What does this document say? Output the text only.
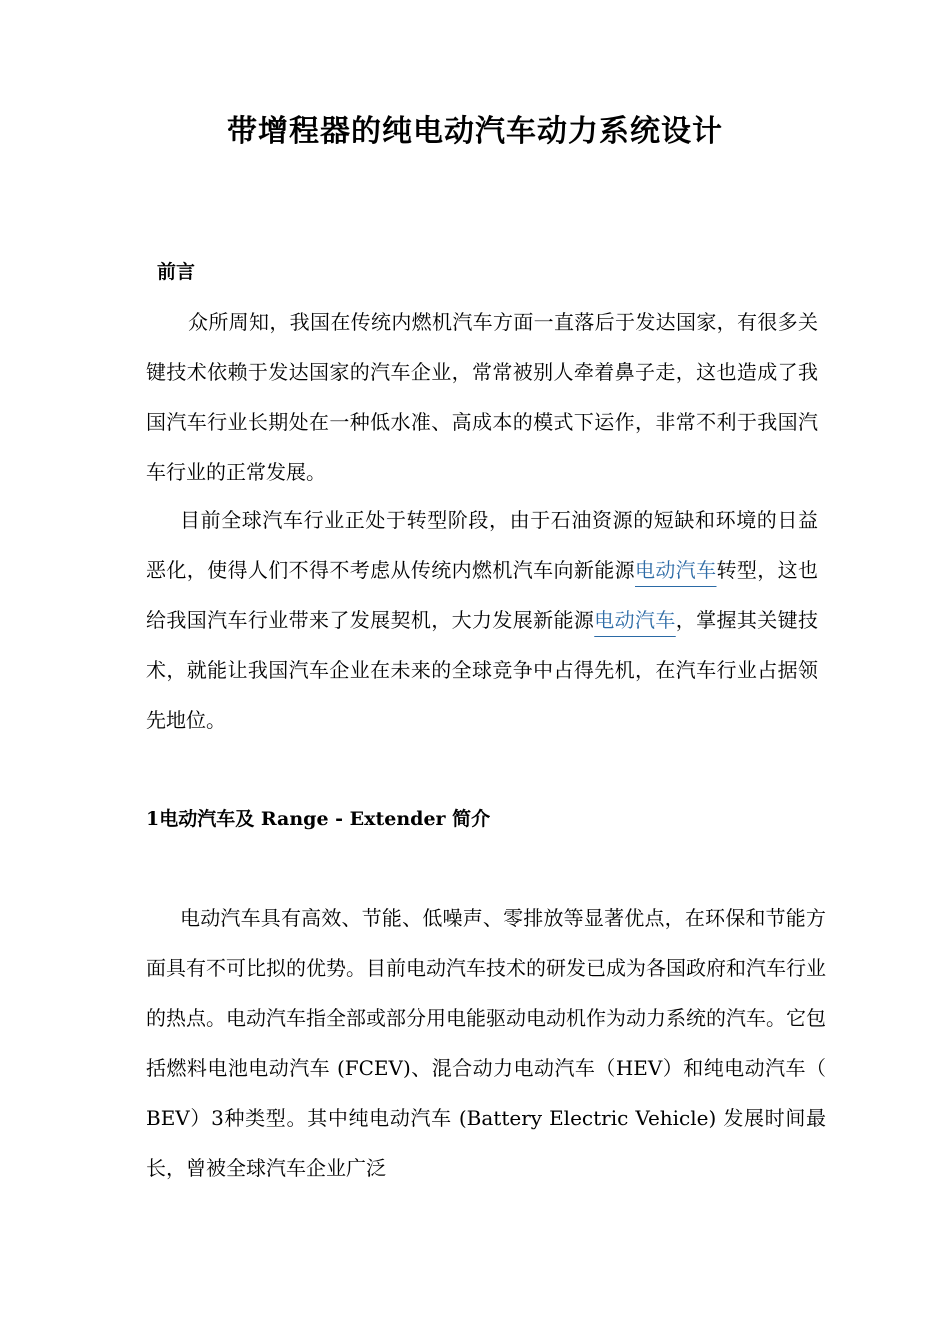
带增程器的纯电动汽车动力系统设计
前言

众所周知，我国在传统内燃机汽车方面一直落后于发达国家，有很多关键技术依赖于发达国家的汽车企业，常常被别人牵着鼻子走，这也造成了我国汽车行业长期处在一种低水准、高成本的模式下运作，非常不利于我国汽车行业的正常发展。

目前全球汽车行业正处于转型阶段，由于石油资源的短缺和环境的日益恶化，使得人们不得不考虑从传统内燃机汽车向新能源电动汽车转型，这也给我国汽车行业带来了发展契机，大力发展新能源电动汽车，掌握其关键技术，就能让我国汽车企业在未来的全球竞争中占得先机，在汽车行业占据领先地位。

1电动汽车及 Range - Extender 简介

电动汽车具有高效、节能、低噪声、零排放等显著优点，在环保和节能方面具有不可比拟的优势。目前电动汽车技术的研发已成为各国政府和汽车行业的热点。电动汽车指全部或部分用电能驱动电动机作为动力系统的汽车。它包括燃料电池电动汽车 (FCEV)、混合动力电动汽车（HEV）和纯电动汽车（ BEV）3种类型。其中纯电动汽车 (Battery Electric Vehicle) 发展时间最长，曾被全球汽车企业广泛
